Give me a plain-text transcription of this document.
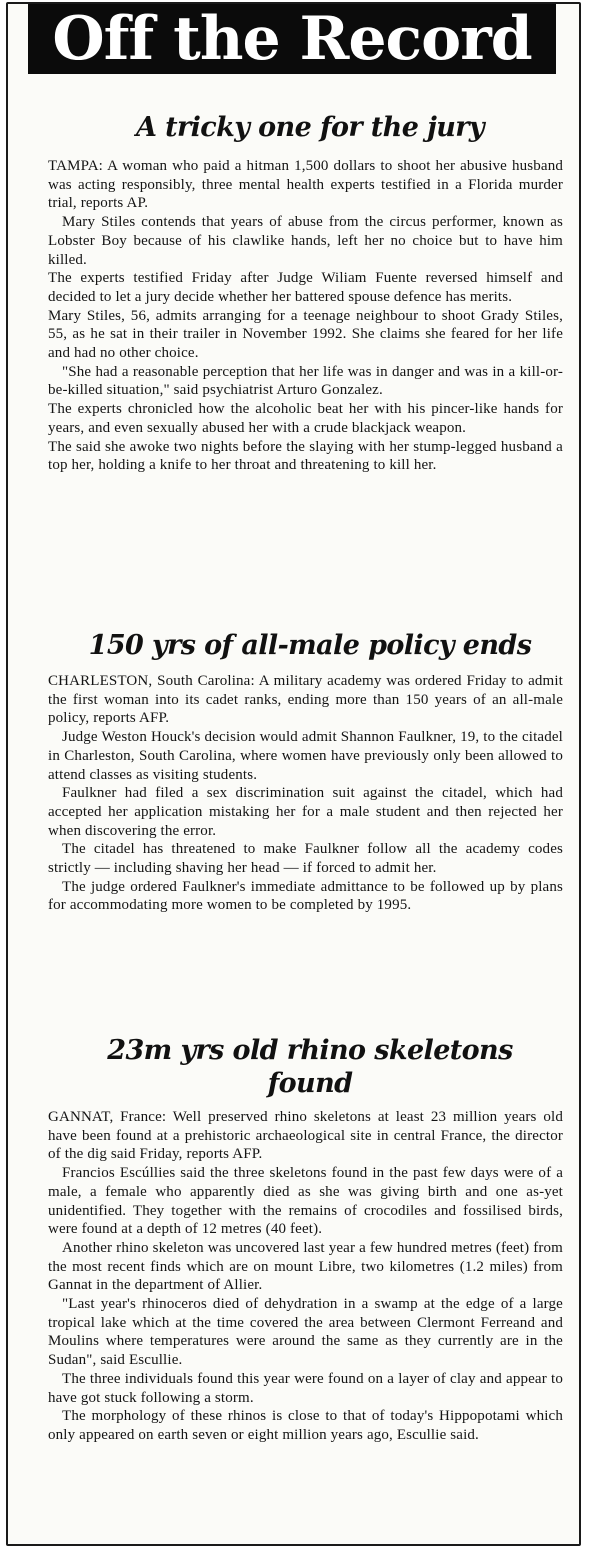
Off the Record
A tricky one for the jury

TAMPA: A woman who paid a hitman 1,500 dollars to shoot her abusive husband was acting responsibly, three mental health experts testified in a Florida murder trial, reports AP.

Mary Stiles contends that years of abuse from the circus performer, known as Lobster Boy because of his clawlike hands, left her no choice but to have him killed.

The experts testified Friday after Judge Wiliam Fuente reversed himself and decided to let a jury decide whether her battered spouse defence has merits.

Mary Stiles, 56, admits arranging for a teenage neighbour to shoot Grady Stiles, 55, as he sat in their trailer in November 1992. She claims she feared for her life and had no other choice.

"She had a reasonable perception that her life was in danger and was in a kill-or-be-killed situation," said psychiatrist Arturo Gonzalez.

The experts chronicled how the alcoholic beat her with his pincer-like hands for years, and even sexually abused her with a crude blackjack weapon.

The said she awoke two nights before the slaying with her stump-legged husband a top her, holding a knife to her throat and threatening to kill her.

150 yrs of all-male policy ends

CHARLESTON, South Carolina: A military academy was ordered Friday to admit the first woman into its cadet ranks, ending more than 150 years of an all-male policy, reports AFP.

Judge Weston Houck's decision would admit Shannon Faulkner, 19, to the citadel in Charleston, South Carolina, where women have previously only been allowed to attend classes as visiting students.

Faulkner had filed a sex discrimination suit against the citadel, which had accepted her application mistaking her for a male student and then rejected her when discovering the error.

The citadel has threatened to make Faulkner follow all the academy codes strictly — including shaving her head — if forced to admit her.

The judge ordered Faulkner's immediate admittance to be followed up by plans for accommodating more women to be completed by 1995.

23m yrs old rhino skeletons
found

GANNAT, France: Well preserved rhino skeletons at least 23 million years old have been found at a prehistoric archaeological site in central France, the director of the dig said Friday, reports AFP.

Francios Escúllies said the three skeletons found in the past few days were of a male, a female who apparently died as she was giving birth and one as-yet unidentified. They together with the remains of crocodiles and fossilised birds, were found at a depth of 12 metres (40 feet).

Another rhino skeleton was uncovered last year a few hundred metres (feet) from the most recent finds which are on mount Libre, two kilometres (1.2 miles) from Gannat in the department of Allier.

"Last year's rhinoceros died of dehydration in a swamp at the edge of a large tropical lake which at the time covered the area between Clermont Ferreand and Moulins where temperatures were around the same as they currently are in the Sudan", said Escullie.

The three individuals found this year were found on a layer of clay and appear to have got stuck following a storm.

The morphology of these rhinos is close to that of today's Hippopotami which only appeared on earth seven or eight million years ago, Escullie said.
